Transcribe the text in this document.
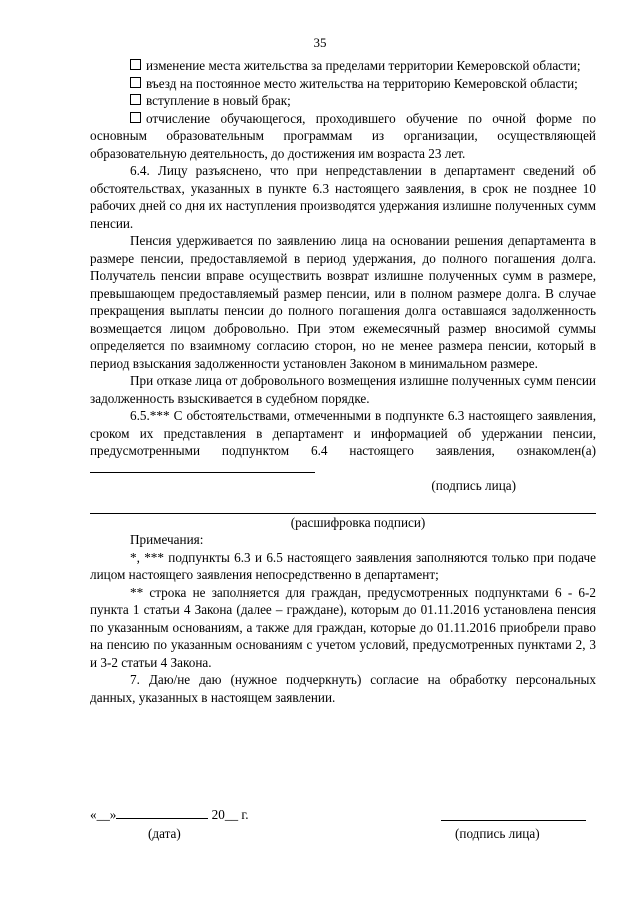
35

изменение места жительства за пределами территории Кемеровской области;

въезд на постоянное место жительства на территорию Кемеровской области;

вступление в новый брак;

отчисление обучающегося, проходившего обучение по очной форме по основным образовательным программам из организации, осуществляющей образовательную деятельность, до достижения им возраста 23 лет.

6.4. Лицу разъяснено, что при непредставлении в департамент сведений об обстоятельствах, указанных в пункте 6.3 настоящего заявления, в срок не позднее 10 рабочих дней со дня их наступления производятся удержания излишне полученных сумм пенсии.

Пенсия удерживается по заявлению лица на основании решения департамента в размере пенсии, предоставляемой в период удержания, до полного погашения долга. Получатель пенсии вправе осуществить возврат излишне полученных сумм в размере, превышающем предоставляемый размер пенсии, или в полном размере долга. В случае прекращения выплаты пенсии до полного погашения долга оставшаяся задолженность возмещается лицом добровольно. При этом ежемесячный размер вносимой суммы определяется по взаимному согласию сторон, но не менее размера пенсии, который в период взыскания задолженности установлен Законом в минимальном размере.

При отказе лица от добровольного возмещения излишне полученных сумм пенсии задолженность взыскивается в судебном порядке.

6.5.*** С обстоятельствами, отмеченными в подпункте 6.3 настоящего заявления, сроком их представления в департамент и информацией об удержании пенсии, предусмотренными подпунктом 6.4 настоящего заявления, ознакомлен(а)

(подпись лица)

(расшифровка подписи)

Примечания:

*, *** подпункты 6.3 и 6.5 настоящего заявления заполняются только при подаче лицом настоящего заявления непосредственно в департамент;

** строка не заполняется для граждан, предусмотренных подпунктами 6 - 6-2 пункта 1 статьи 4 Закона (далее – граждане), которым до 01.11.2016 установлена пенсия по указанным основаниям, а также для граждан, которые до 01.11.2016 приобрели право на пенсию по указанным основаниям с учетом условий, предусмотренных пунктами 2, 3 и 3-2 статьи 4 Закона.

7. Даю/не даю (нужное подчеркнуть) согласие на обработку персональных данных, указанных в настоящем заявлении.

«__»	20__ г.
(дата)	(подпись лица)
